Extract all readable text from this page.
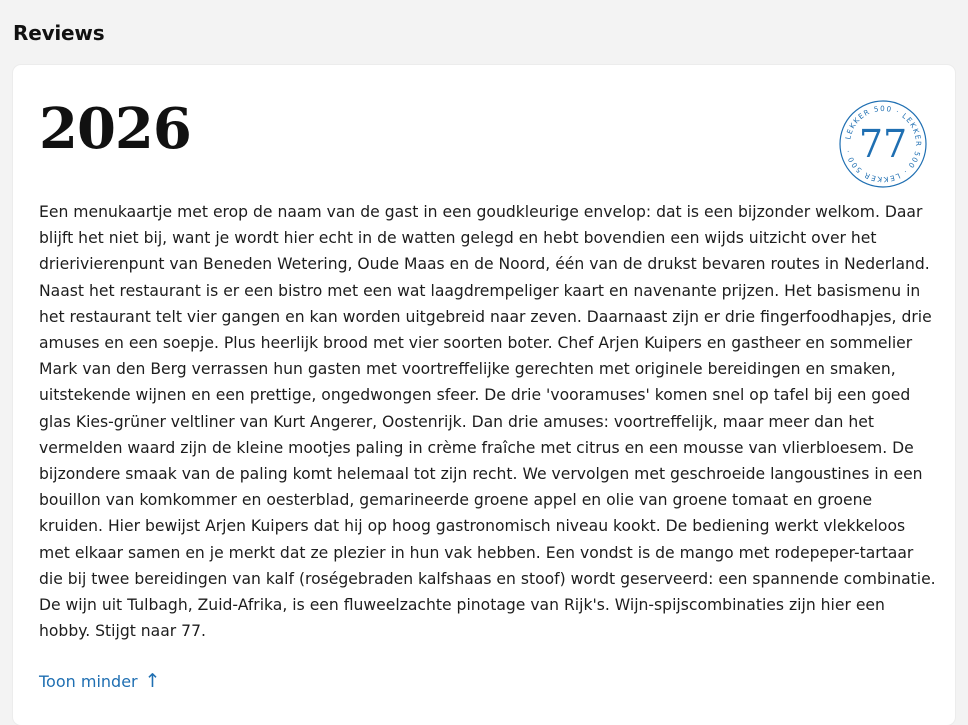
Reviews
2026	LEKKER 500 · LEKKER 500 · LEKKER 500 · 77

Een menukaartje met erop de naam van de gast in een goudkleurige envelop: dat is een bijzonder welkom. Daar blijft het niet bij, want je wordt hier echt in de watten gelegd en hebt bovendien een wijds uitzicht over het drierivierenpunt van Beneden Wetering, Oude Maas en de Noord, één van de drukst bevaren routes in Nederland. Naast het restaurant is er een bistro met een wat laagdrempeliger kaart en navenante prijzen. Het basismenu in het restaurant telt vier gangen en kan worden uitgebreid naar zeven. Daarnaast zijn er drie fingerfoodhapjes, drie amuses en een soepje. Plus heerlijk brood met vier soorten boter. Chef Arjen Kuipers en gastheer en sommelier Mark van den Berg verrassen hun gasten met voortreffelijke gerechten met originele bereidingen en smaken, uitstekende wijnen en een prettige, ongedwongen sfeer. De drie 'vooramuses' komen snel op tafel bij een goed glas Kies-grüner veltliner van Kurt Angerer, Oostenrijk. Dan drie amuses: voortreffelijk, maar meer dan het vermelden waard zijn de kleine mootjes paling in crème fraîche met citrus en een mousse van vlierbloesem. De bijzondere smaak van de paling komt helemaal tot zijn recht. We vervolgen met geschroeide langoustines in een bouillon van komkommer en oesterblad, gemarineerde groene appel en olie van groene tomaat en groene kruiden. Hier bewijst Arjen Kuipers dat hij op hoog gastronomisch niveau kookt. De bediening werkt vlekkeloos met elkaar samen en je merkt dat ze plezier in hun vak hebben. Een vondst is de mango met rodepeper-tartaar die bij twee bereidingen van kalf (roségebraden kalfshaas en stoof) wordt geserveerd: een spannende combinatie. De wijn uit Tulbagh, Zuid-Afrika, is een fluweelzachte pinotage van Rijk's. Wijn-spijscombinaties zijn hier een hobby. Stijgt naar 77.

Toon minder ↑
